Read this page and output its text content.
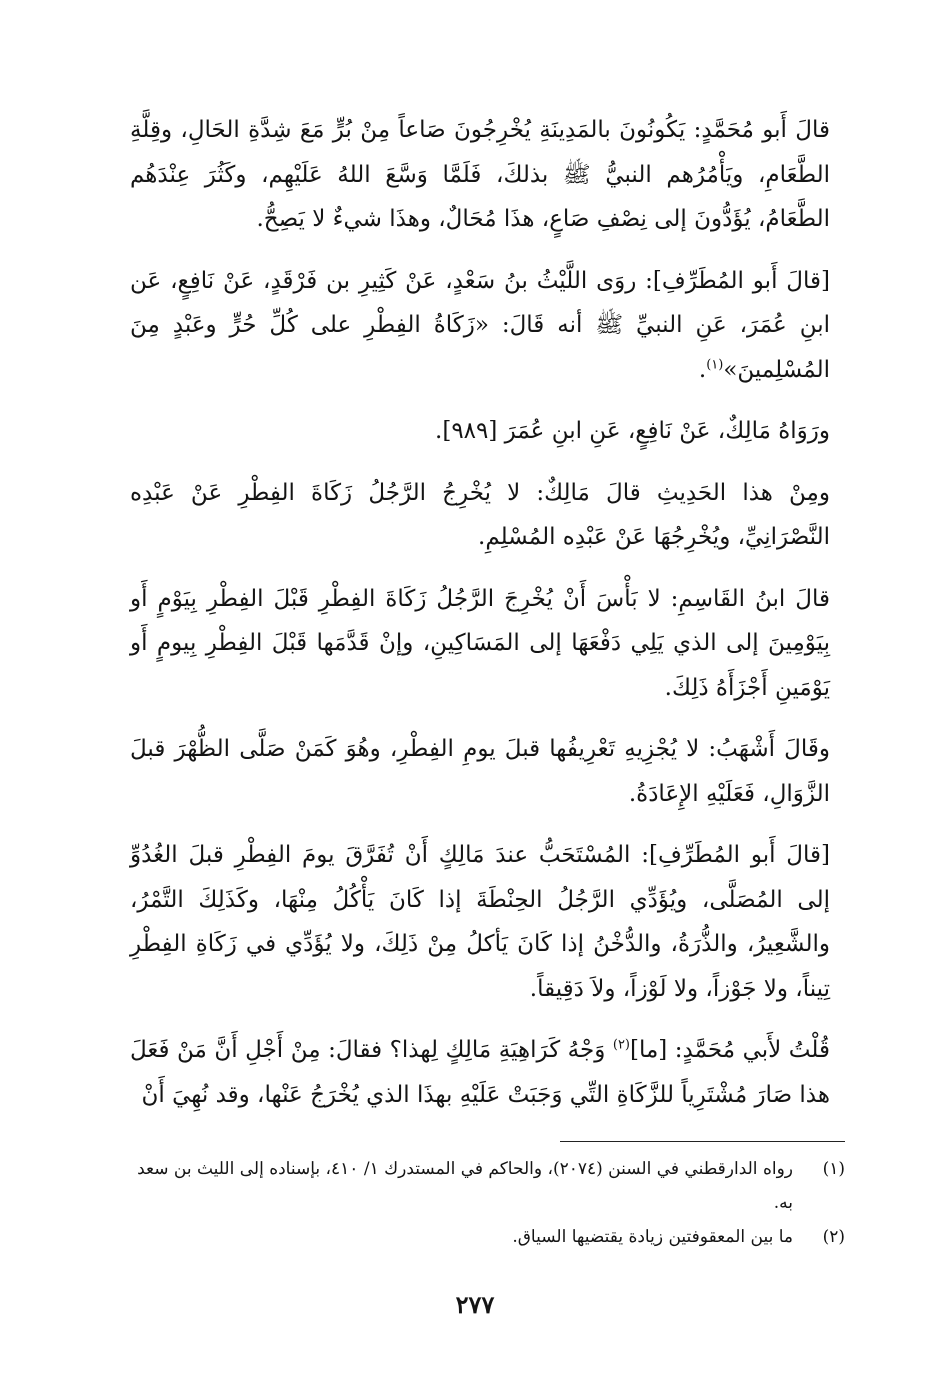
قالَ أَبو مُحَمَّدٍ: يَكُونُونَ بالمَدِينَةِ يُخْرِجُونَ صَاعاً مِنْ بُرٍّ مَعَ شِدَّةِ الحَالِ، وقِلَّةِ الطَّعَامِ، ويَأْمُرُهم النبيُّ ﷺ بذلكَ، فَلَمَّا وَسَّعَ اللهُ عَلَيْهِم، وكَثُرَ عِنْدَهُم الطَّعَامُ، يُؤَدُّونَ إلى نِصْفِ صَاعٍ، هذَا مُحَالٌ، وهذَا شيءٌ لا يَصِحُّ.

[قالَ أَبو المُطَرِّفِ]: روَى اللَّيْثُ بنُ سَعْدٍ، عَنْ كَثِيرِ بن فَرْقَدٍ، عَنْ نَافِعٍ، عَن ابنِ عُمَرَ، عَنِ النبيِّ ﷺ أنه قَالَ: «زَكَاةُ الفِطْرِ على كُلِّ حُرٍّ وعَبْدٍ مِنَ المُسْلِمينَ»$^{(١)}$.

ورَوَاهُ مَالِكٌ، عَنْ نَافِعٍ، عَنِ ابنِ عُمَرَ [٩٨٩].

ومِنْ هذا الحَدِيثِ قالَ مَالِكٌ: لا يُخْرِجُ الرَّجُلُ زَكَاةَ الفِطْرِ عَنْ عَبْدِه النَّصْرَانِيِّ، ويُخْرِجُهَا عَنْ عَبْدِه المُسْلِمِ.

قالَ ابنُ القَاسِمِ: لا بَأْسَ أَنْ يُخْرِجَ الرَّجُلُ زَكَاةَ الفِطْرِ قَبْلَ الفِطْرِ بِيَوْمٍ أَو بِيَوْمِينَ إلى الذي يَلِي دَفْعَهَا إلى المَسَاكِينِ، وإنْ قَدَّمَها قَبْلَ الفِطْرِ بِيومٍ أَو يَوْمَينِ أَجْزَأَهُ ذَلِكَ.

وقَالَ أَشْهَبُ: لا يُجْزِيهِ تَعْرِيفُها قبلَ يومِ الفِطْرِ، وهُوَ كَمَنْ صَلَّى الظُّهْرَ قبلَ الزَّوَالِ، فَعَلَيْهِ الإِعَادَةُ.

[قالَ أَبو المُطَرِّفِ]: المُسْتَحَبُّ عندَ مَالِكٍ أَنْ تُفَرَّقَ يومَ الفِطْرِ قبلَ الغُدُوِّ إلى المُصَلَّى، ويُؤَدِّي الرَّجُلُ الحِنْطَةَ إذا كَانَ يَأْكُلُ مِنْهَا، وكَذَلِكَ التَّمْرُ، والشَّعِيرُ، والذُّرَةُ، والدُّخْنُ إذا كَانَ يَأكلُ مِنْ ذَلِكَ، ولا يُؤَدِّي في زَكَاةِ الفِطْرِ تِيناً، ولا جَوْزاً، ولا لَوْزاً، ولاَ دَقِيقاً.

قُلْتُ لأَبي مُحَمَّدٍ: [ما]$^{(٢)}$ وَجْهُ كَرَاهِيَةِ مَالِكٍ لِهذا؟ فقالَ: مِنْ أَجْلِ أَنَّ مَنْ فَعَلَ هذا صَارَ مُشْتَرِياً للزَّكَاةِ التِّي وَجَبَتْ عَلَيْهِ بهذَا الذي يُخْرَجُ عَنْها، وقد نُهِيَ أَنْ

(١)
رواه الدارقطني في السنن (٢٠٧٤)، والحاكم في المستدرك ١/ ٤١٠، بإسناده إلى الليث بن سعد به.
(٢)
ما بين المعقوفتين زيادة يقتضيها السياق.
٢٧٧
